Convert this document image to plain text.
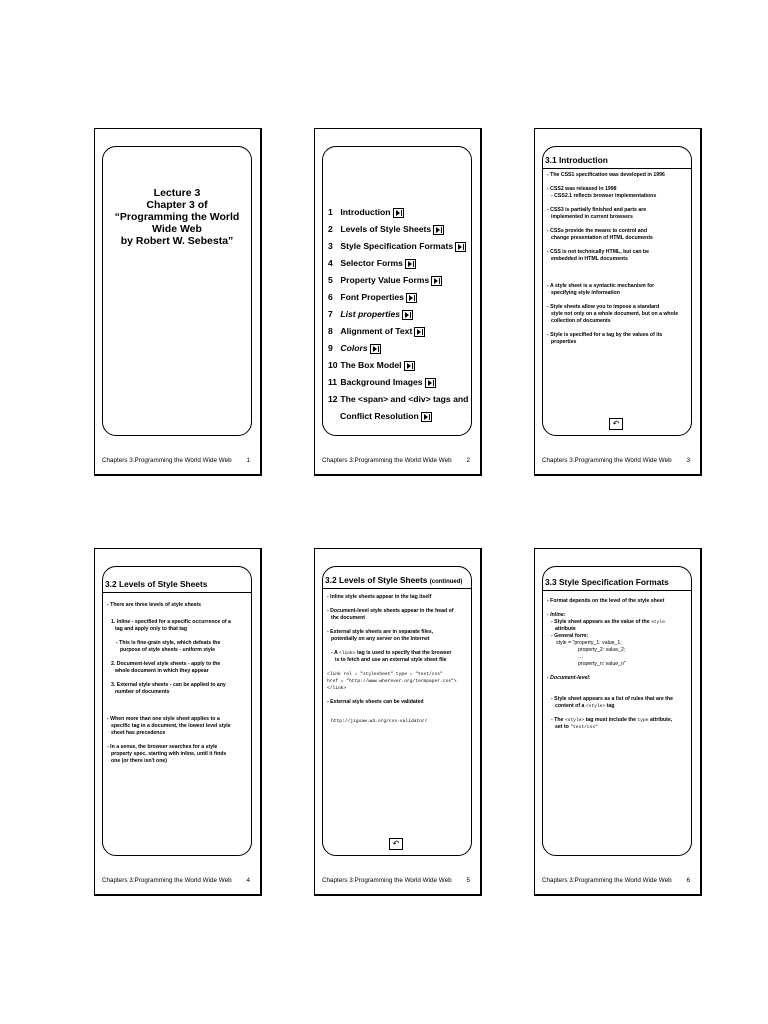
Lecture 3
Chapter 3 of
“Programming the World Wide Web
by Robert W. Sebesta”
Chapters 3:Programming the World Wide Web 1
1
Introduction
2
Levels of Style Sheets
3
Style Specification Formats
4
Selector Forms
5
Property Value Forms
6
Font Properties
7
List properties
8
Alignment of Text
9
Colors
10
The Box Model
11
Background Images
12
The <span> and <div> tags and
Conflict Resolution
Chapters 3:Programming the World Wide Web 2
3.1 Introduction

- The CSS1 specification was developed in 1996

- CSS2 was released in 1998
- CSS2.1 reflects browser implementations

- CSS3 is partially finished and parts are
implemented in current browsers

- CSSs provide the means to control and
change presentation of HTML documents

- CSS is not technically HTML, but can be
embedded in HTML documents

- A style sheet is a syntactic mechanism for
specifying style information

- Style sheets allow you to impose a standard
style not only on a whole document, but on a whole
collection of documents

- Style is specified for a tag by the values of its
properties

↶
Chapters 3:Programming the World Wide Web 3
3.2 Levels of Style Sheets

- There are three levels of style sheets

1. Inline - specified for a specific occurrence of a
tag and apply only to that tag

- This is fine-grain style, which defeats the
purpose of style sheets - uniform style

2. Document-level style sheets - apply to the
whole document in which they appear

3. External style sheets - can be applied to any
number of documents

- When more than one style sheet applies to a
specific tag in a document, the lowest level style
sheet has precedence

- In a sense, the browser searches for a style
property spec, starting with inline, until it finds
one (or there isn't one)

Chapters 3:Programming the World Wide Web 4
3.2 Levels of Style Sheets (continued)

- Inline style sheets appear in the tag itself

- Document-level style sheets appear in the head of
the document

- External style sheets are in separate files,
potentially on any server on the Internet

- A <link> tag is used to specify that the browser
is to fetch and use an external style sheet file

<link rel = "stylesheet" type = "text/css"
href = "http://www.wherever.org/termpaper.css">
</link>

- External style sheets can be validated

http://jigsaw.w3.org/css-validator/

↶
Chapters 3:Programming the World Wide Web 5
3.3 Style Specification Formats

- Format depends on the level of the style sheet

- Inline:

- Style sheet appears as the value of the style
attribute

- General form:

style = "property_1: value_1;
property_2: value_2;
…
property_n: value_n"

- Document-level:

- Style sheet appears as a list of rules that are the
content of a <style> tag

- The <style> tag must include the type attribute,
set to "text/css"

Chapters 3:Programming the World Wide Web 6
